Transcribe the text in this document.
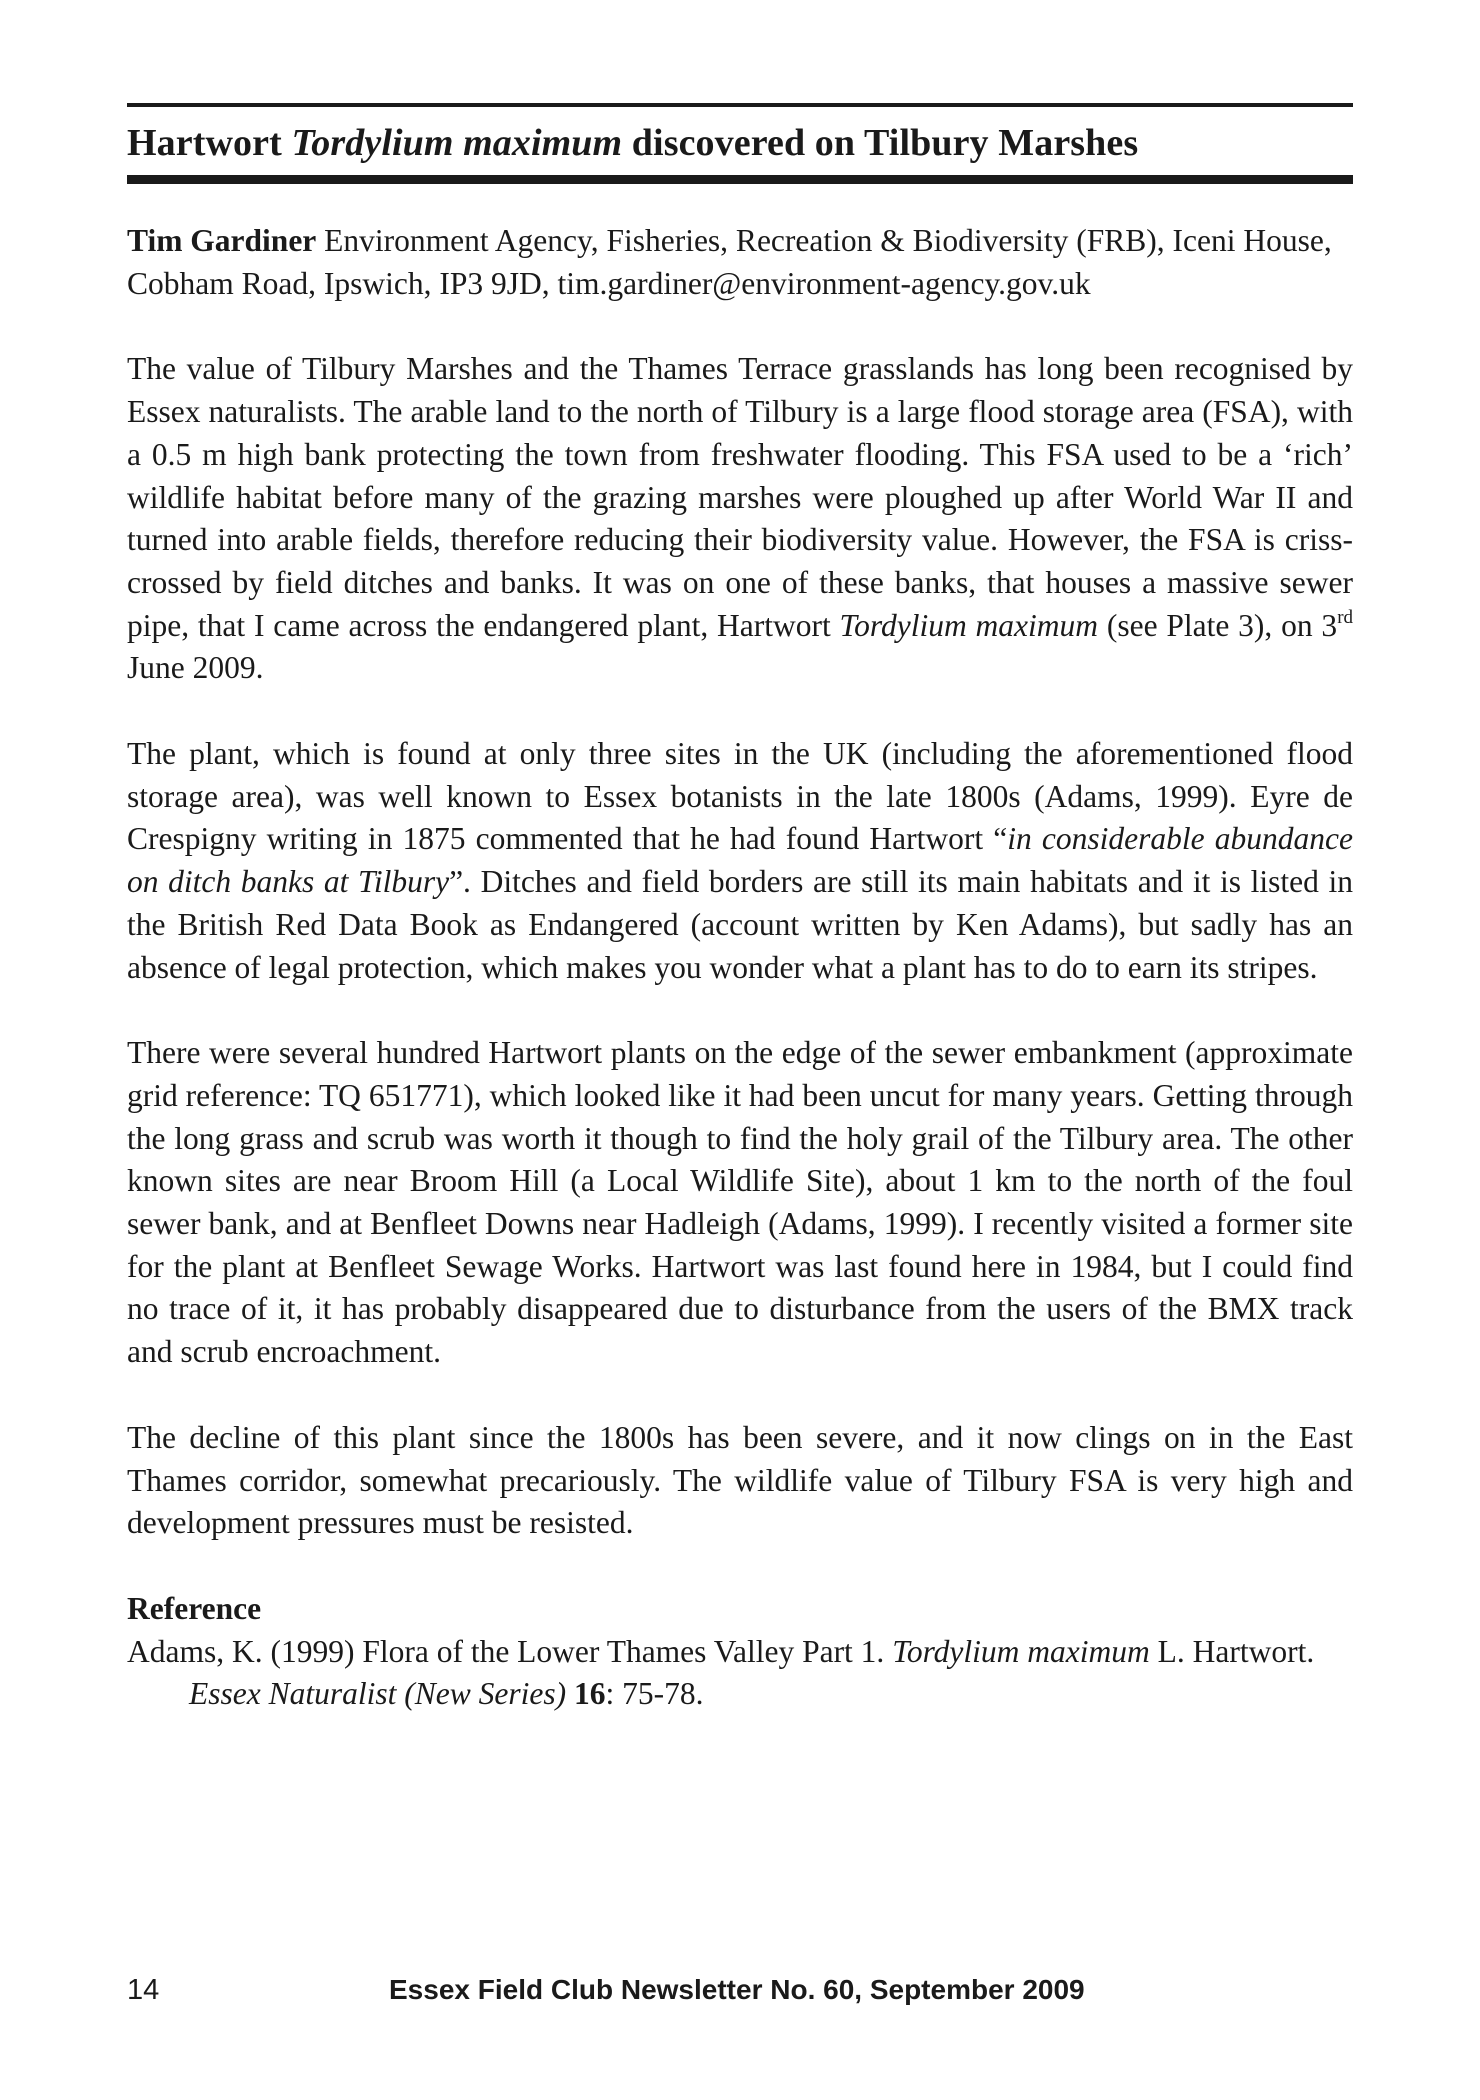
Hartwort Tordylium maximum discovered on Tilbury Marshes

Tim Gardiner Environment Agency, Fisheries, Recreation & Biodiversity (FRB), Iceni House, Cobham Road, Ipswich, IP3 9JD, tim.gardiner@environment-agency.gov.uk

The value of Tilbury Marshes and the Thames Terrace grasslands has long been recognised by Essex naturalists. The arable land to the north of Tilbury is a large flood storage area (FSA), with a 0.5 m high bank protecting the town from freshwater flooding. This FSA used to be a ‘rich’ wildlife habitat before many of the grazing marshes were ploughed up after World War II and turned into arable fields, therefore reducing their biodiversity value. However, the FSA is criss-crossed by field ditches and banks. It was on one of these banks, that houses a massive sewer pipe, that I came across the endangered plant, Hartwort Tordylium maximum (see Plate 3), on 3rd June 2009.

The plant, which is found at only three sites in the UK (including the aforementioned flood storage area), was well known to Essex botanists in the late 1800s (Adams, 1999). Eyre de Crespigny writing in 1875 commented that he had found Hartwort “in considerable abundance on ditch banks at Tilbury”. Ditches and field borders are still its main habitats and it is listed in the British Red Data Book as Endangered (account written by Ken Adams), but sadly has an absence of legal protection, which makes you wonder what a plant has to do to earn its stripes.

There were several hundred Hartwort plants on the edge of the sewer embankment (approximate grid reference: TQ 651771), which looked like it had been uncut for many years. Getting through the long grass and scrub was worth it though to find the holy grail of the Tilbury area. The other known sites are near Broom Hill (a Local Wildlife Site), about 1 km to the north of the foul sewer bank, and at Benfleet Downs near Hadleigh (Adams, 1999). I recently visited a former site for the plant at Benfleet Sewage Works. Hartwort was last found here in 1984, but I could find no trace of it, it has probably disappeared due to disturbance from the users of the BMX track and scrub encroachment.

The decline of this plant since the 1800s has been severe, and it now clings on in the East Thames corridor, somewhat precariously. The wildlife value of Tilbury FSA is very high and development pressures must be resisted.

Reference
Adams, K. (1999) Flora of the Lower Thames Valley Part 1. Tordylium maximum L. Hartwort. Essex Naturalist (New Series) 16: 75-78.
14	Essex Field Club Newsletter No. 60, September 2009
